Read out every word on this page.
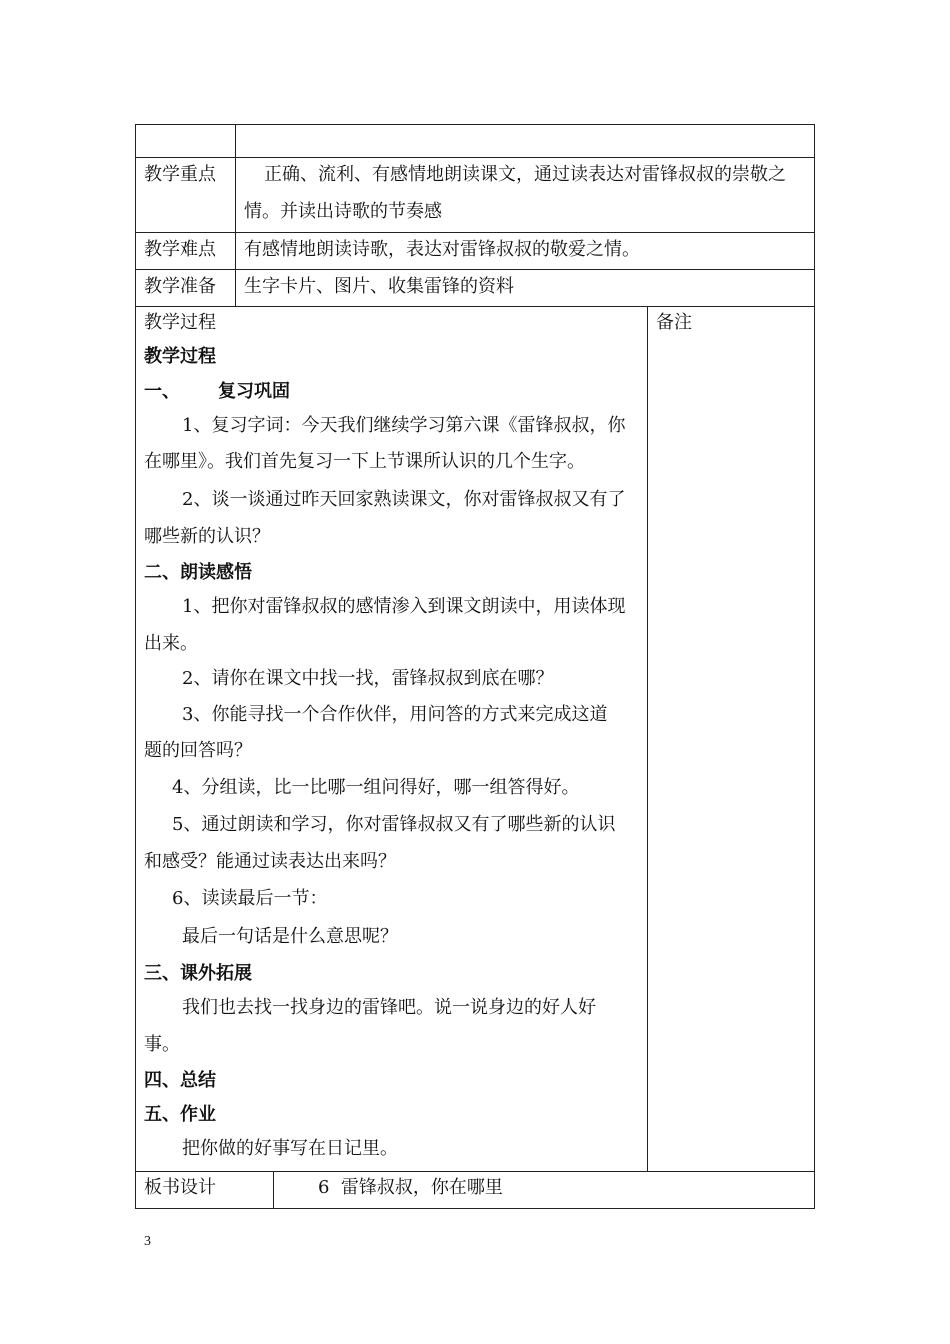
教学重点	正确、流利、有感情地朗读课文，通过读表达对雷锋叔叔的崇敬之
情。并读出诗歌的节奏感
教学难点 有感情地朗读诗歌，表达对雷锋叔叔的敬爱之情。
教学准备 生字卡片、图片、收集雷锋的资料
教学过程	备注
教学过程
一、 复习巩固
1、复习字词：今天我们继续学习第六课《雷锋叔叔，你
在哪里》。我们首先复习一下上节课所认识的几个生字。
2、谈一谈通过昨天回家熟读课文，你对雷锋叔叔又有了
哪些新的认识？
二、朗读感悟
1、把你对雷锋叔叔的感情渗入到课文朗读中，用读体现
出来。
2、请你在课文中找一找，雷锋叔叔到底在哪？
3、你能寻找一个合作伙伴，用问答的方式来完成这道
题的回答吗？
4、分组读，比一比哪一组问得好，哪一组答得好。
5、通过朗读和学习，你对雷锋叔叔又有了哪些新的认识
和感受？能通过读表达出来吗？
6、读读最后一节：
最后一句话是什么意思呢？
三、课外拓展
我们也去找一找身边的雷锋吧。说一说身边的好人好
事。
四、总结
五、作业
把你做的好事写在日记里。
板书设计	6  雷锋叔叔，你在哪里
3
